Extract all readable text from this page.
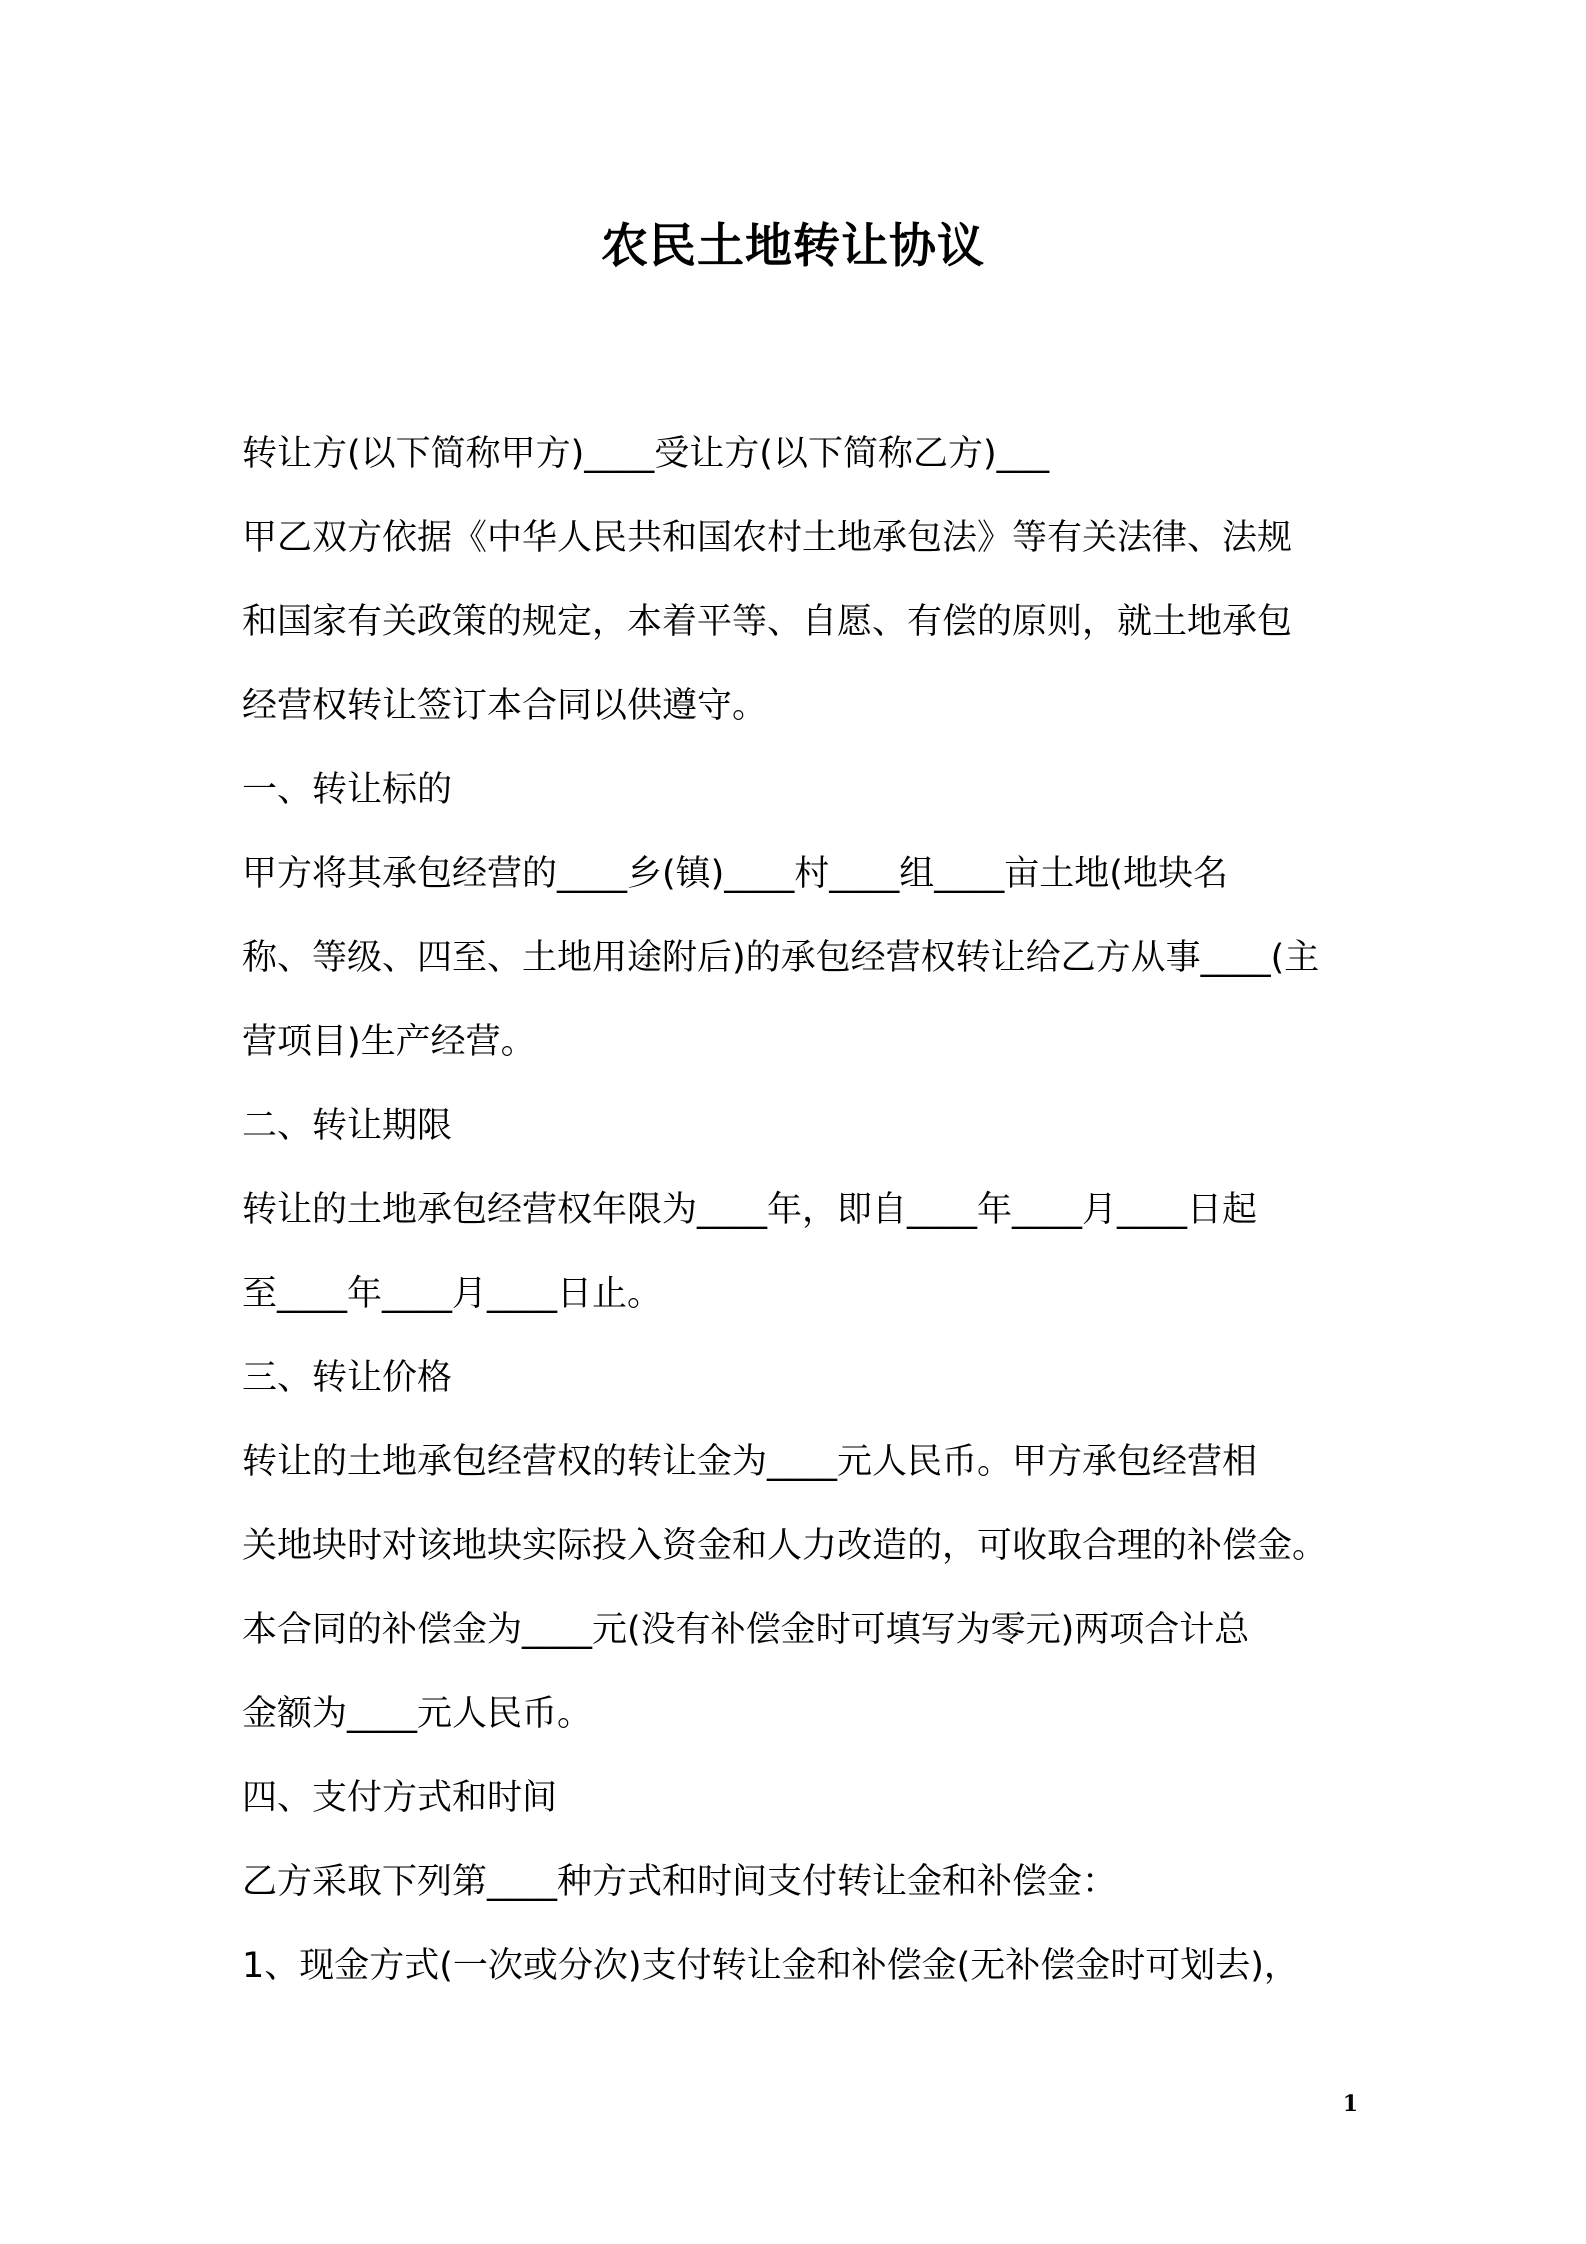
农民土地转让协议
转让方(以下简称甲方)____受让方(以下简称乙方)___
甲乙双方依据《中华人民共和国农村土地承包法》等有关法律、法规
和国家有关政策的规定，本着平等、自愿、有偿的原则，就土地承包
经营权转让签订本合同以供遵守。
一、转让标的
甲方将其承包经营的____乡(镇)____村____组____亩土地(地块名
称、等级、四至、土地用途附后)的承包经营权转让给乙方从事____(主
营项目)生产经营。
二、转让期限
转让的土地承包经营权年限为____年，即自____年____月____日起
至____年____月____日止。
三、转让价格
转让的土地承包经营权的转让金为____元人民币。甲方承包经营相
关地块时对该地块实际投入资金和人力改造的，可收取合理的补偿金。
本合同的补偿金为____元(没有补偿金时可填写为零元)两项合计总
金额为____元人民币。
四、支付方式和时间
乙方采取下列第____种方式和时间支付转让金和补偿金：
1、现金方式(一次或分次)支付转让金和补偿金(无补偿金时可划去)，
1
